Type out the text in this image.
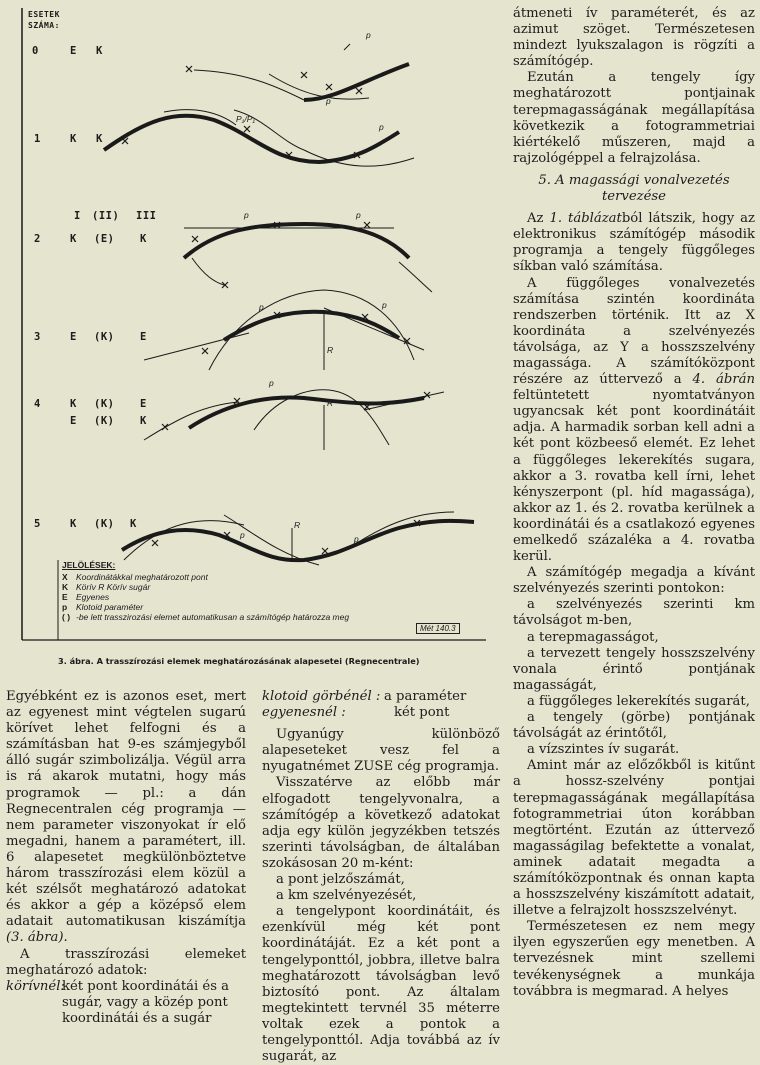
ESETEK
SZÁMA:
0	E K
1	K K
I (II) III
2	K (E) K
3	E (K) E
4	K (K) E
E (K) K
5	K (K) K
p
p
P₁/P₁
p
p	p
p	p
R
p
R
p
R
p
JELÖLÉSEK:
X Koordinátákkal meghatározott pont
K Körív R Körív sugár
E Egyenes
p Klotoid paraméter
( ) -be lett trasszirozási elemet automatikusan a számítógép határozza meg
Mét 140.3
3. ábra. A trasszírozási elemek meghatározásának alapesetei (Regnecentrale)

Egyébként ez is azonos eset, mert az egyenest mint végtelen sugarú körívet lehet felfogni és a számításban hat 9-es számjegyből álló sugár szimbolizálja. Végül arra is rá akarok mutatni, hogy más programok — pl.: a dán Regnecentralen cég programja — nem parameter viszonyokat ír elő megadni, hanem a paramétert, ill. 6 alapesetet megkülönböztetve három trasszírozási elem közül a két szélsőt meghatározó adatokat és akkor a gép a középső elem adatait automatikusan kiszámítja (3. ábra).

A trasszírozási elemeket meghatározó adatok:

körívnél:
két pont koordinátái és a sugár, vagy a közép pont koordinátái és a sugár
klotoid görbénél : a paraméter
egyenesnél :	két pont

Ugyanúgy különböző alapeseteket vesz fel a nyugatnémet ZUSE cég programja.

Visszatérve az előbb már elfogadott tengelyvonalra, a számítógép a következő adatokat adja egy külön jegyzékben tetszés szerinti távolságban, de általában szokásosan 20 m-ként:

a pont jelzőszámát,

a km szelvényezését,

a tengelypont koordinátáit, és ezenkívül még két pont koordinátáját. Ez a két pont a tengelyponttól, jobbra, illetve balra meghatározott távolságban levő biztosító pont. Az általam megtekintett tervnél 35 méterre voltak ezek a pontok a tengelyponttól. Adja továbbá az ív sugarát, az

átmeneti ív paraméterét, és az azimut szöget. Természetesen mindezt lyukszalagon is rögzíti a számítógép.

Ezután a tengely így meghatározott pontjainak terepmagasságának megállapítása következik a fotogrammetriai kiértékelő műszeren, majd a rajzológéppel a felrajzolása.

5. A magassági vonalvezetés tervezése

Az 1. táblázatból látszik, hogy az elektronikus számítógép második programja a tengely függőleges síkban való számítása.

A függőleges vonalvezetés számítása szintén koordináta rendszerben történik. Itt az X koordináta a szelvényezés távolsága, az Y a hosszszelvény magassága. A számítóközpont részére az úttervező a 4. ábrán feltüntetett nyomtatványon ugyancsak két pont koordinátáit adja. A harmadik sorban kell adni a két pont közbeeső elemét. Ez lehet a függőleges lekerekítés sugara, akkor a 3. rovatba kell írni, lehet kényszerpont (pl. híd magassága), akkor az 1. és 2. rovatba kerülnek a koordinátái és a csatlakozó egyenes emelkedő százaléka a 4. rovatba kerül.

A számítógép megadja a kívánt szelvényezés szerinti pontokon:

a szelvényezés szerinti km távolságot m-ben,

a terepmagasságot,

a tervezett tengely hosszszelvény vonala érintő pontjának magasságát,

a függőleges lekerekítés sugarát,

a tengely (görbe) pontjának távolságát az érintőtől,

a vízszintes ív sugarát.

Amint már az előzőkből is kitűnt a hossz-szelvény pontjai terepmagasságának megállapítása fotogrammetriai úton korábban megtörtént. Ezután az úttervező magasságilag befektette a vonalat, aminek adatait megadta a számítóközpontnak és onnan kapta a hosszszelvény kiszámított adatait, illetve a felrajzolt hosszszelvényt.

Természetesen ez nem megy ilyen egyszerűen egy menetben. A tervezésnek mint szellemi tevékenységnek a munkája továbbra is megmarad. A helyes
